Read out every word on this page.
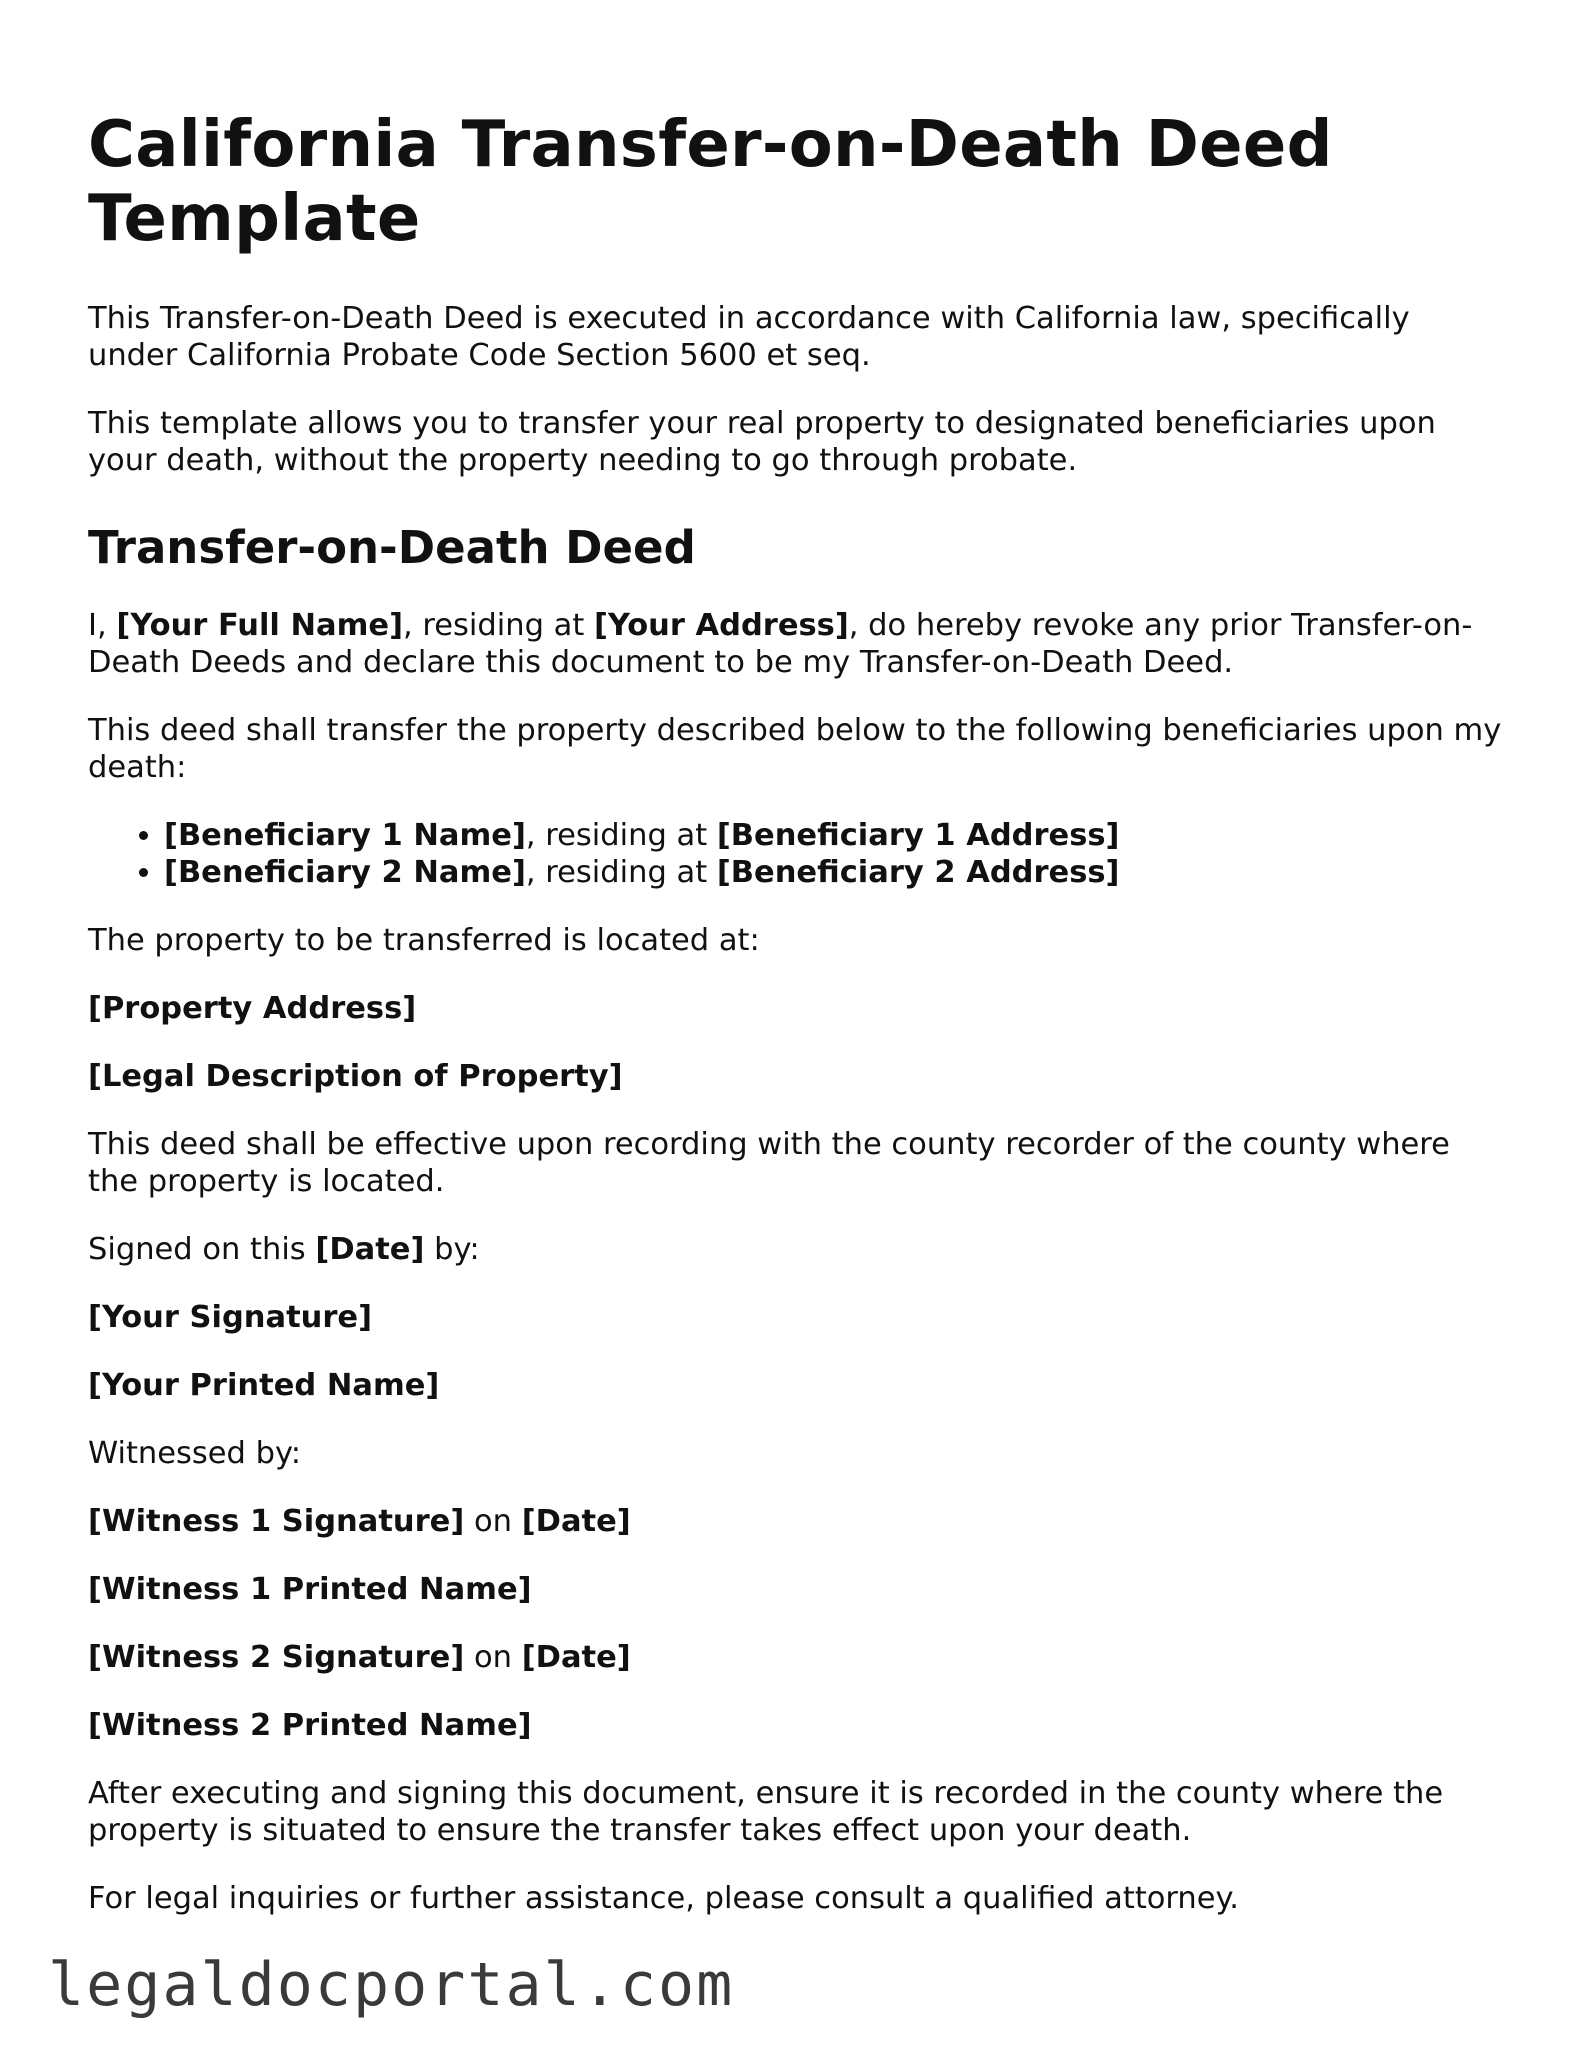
California Transfer-on-Death Deed Template

This Transfer-on-Death Deed is executed in accordance with California law, specifically under California Probate Code Section 5600 et seq.

This template allows you to transfer your real property to designated beneficiaries upon your death, without the property needing to go through probate.

Transfer-on-Death Deed

I, [Your Full Name], residing at [Your Address], do hereby revoke any prior Transfer-on-Death Deeds and declare this document to be my Transfer-on-Death Deed.

This deed shall transfer the property described below to the following beneficiaries upon my death:

• [Beneficiary 1 Name], residing at [Beneficiary 1 Address]
• [Beneficiary 2 Name], residing at [Beneficiary 2 Address]

The property to be transferred is located at:

[Property Address]

[Legal Description of Property]

This deed shall be effective upon recording with the county recorder of the county where the property is located.

Signed on this [Date] by:

[Your Signature]

[Your Printed Name]

Witnessed by:

[Witness 1 Signature] on [Date]

[Witness 1 Printed Name]

[Witness 2 Signature] on [Date]

[Witness 2 Printed Name]

After executing and signing this document, ensure it is recorded in the county where the property is situated to ensure the transfer takes effect upon your death.

For legal inquiries or further assistance, please consult a qualified attorney.

legaldocportal.com
